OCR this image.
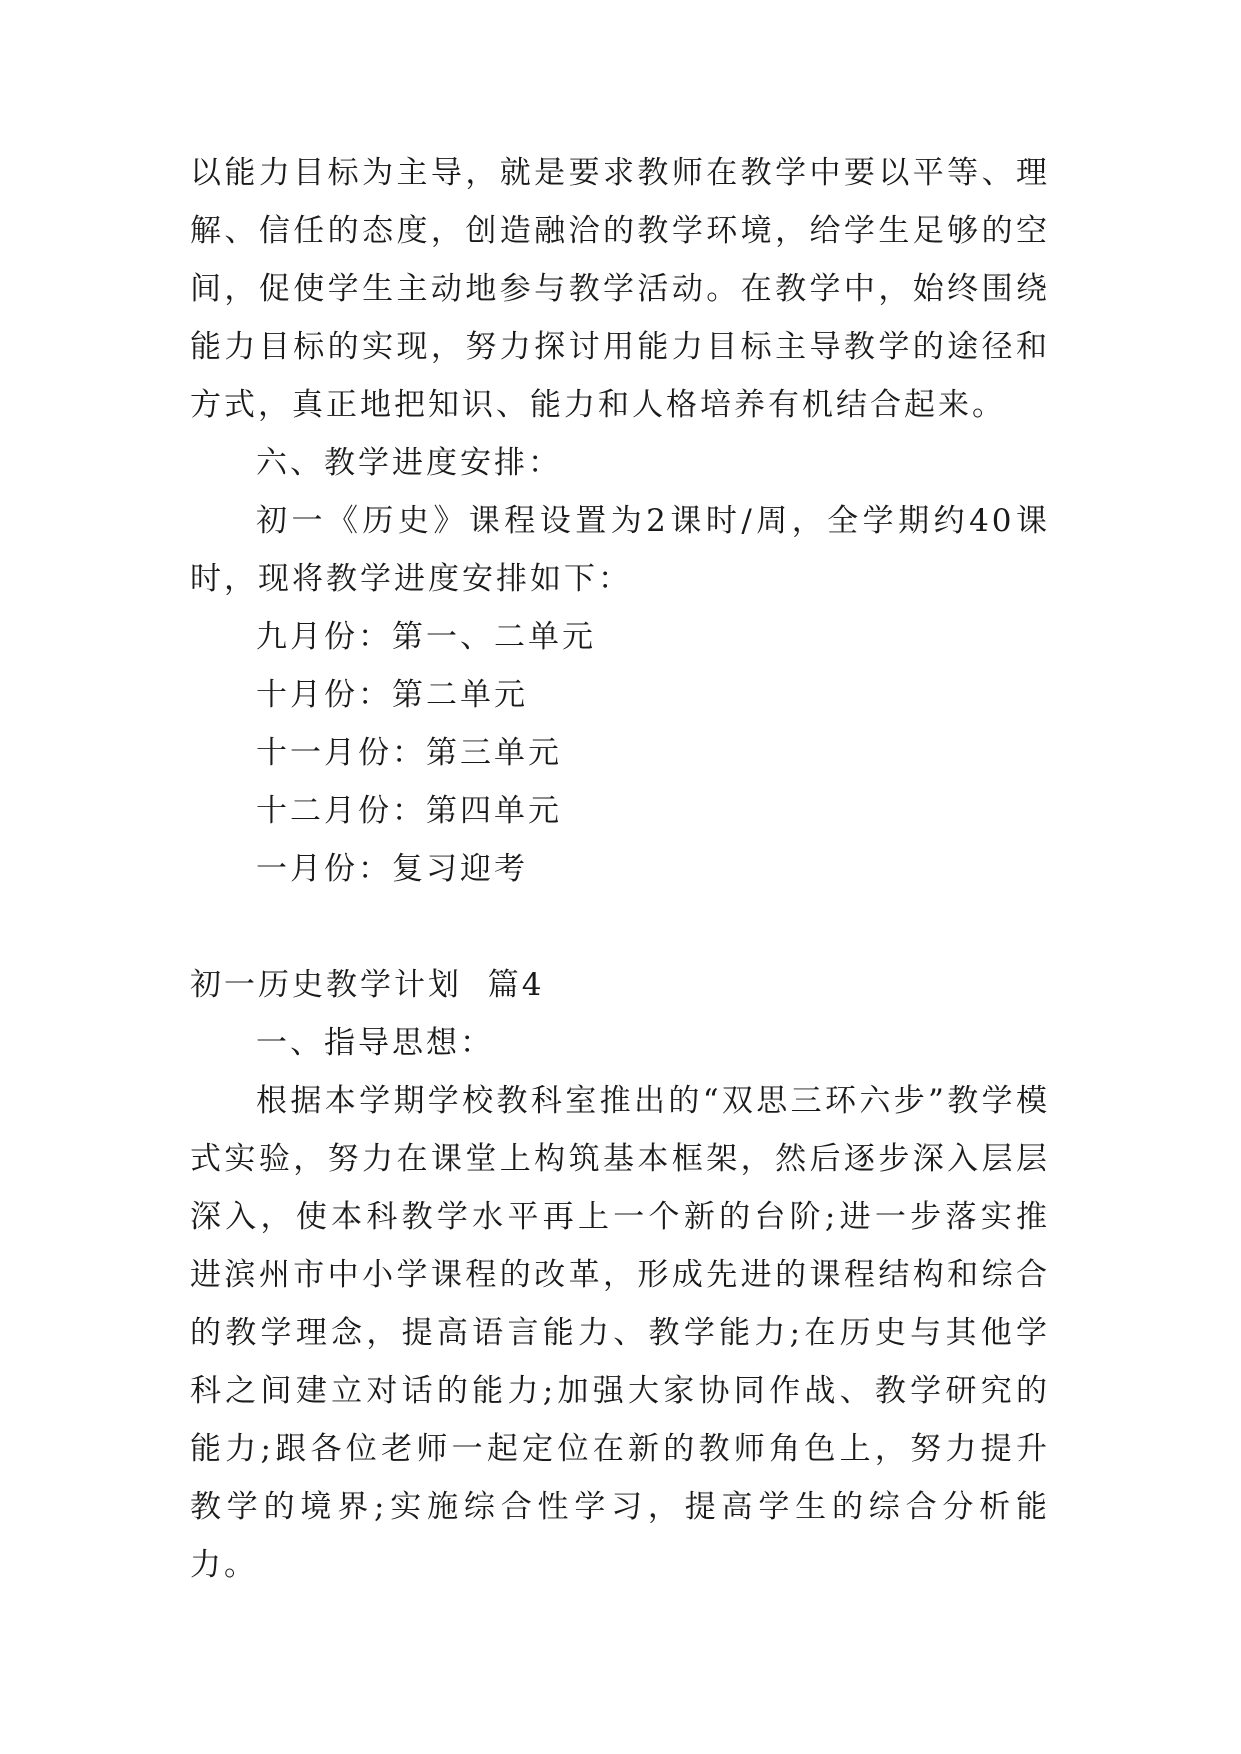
以能力目标为主导，就是要求教师在教学中要以平等、理解、信任的态度，创造融洽的教学环境，给学生足够的空间，促使学生主动地参与教学活动。在教学中，始终围绕能力目标的实现，努力探讨用能力目标主导教学的途径和方式，真正地把知识、能力和人格培养有机结合起来。

六、教学进度安排：

初一《历史》课程设置为2课时/周，全学期约40课时，现将教学进度安排如下：

九月份：第一、二单元

十月份：第二单元

十一月份：第三单元

十二月份：第四单元

一月份：复习迎考

初一历史教学计划  篇4

一、指导思想：

根据本学期学校教科室推出的“双思三环六步”教学模式实验，努力在课堂上构筑基本框架，然后逐步深入层层深入，使本科教学水平再上一个新的台阶;进一步落实推进滨州市中小学课程的改革，形成先进的课程结构和综合的教学理念，提高语言能力、教学能力;在历史与其他学科之间建立对话的能力;加强大家协同作战、教学研究的能力;跟各位老师一起定位在新的教师角色上，努力提升教学的境界;实施综合性学习，提高学生的综合分析能力。
